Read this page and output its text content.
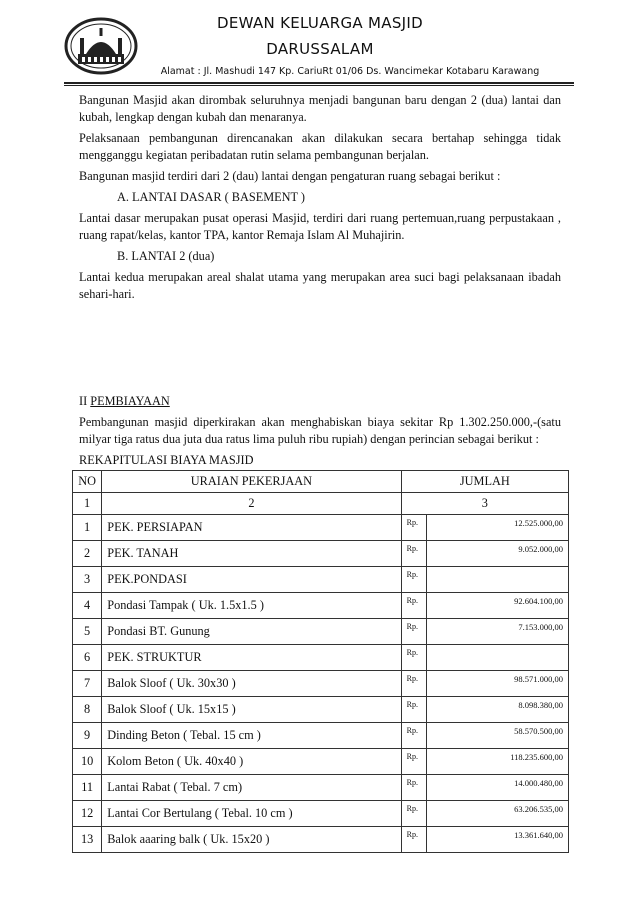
DEWAN KELUARGA MASJID
DARUSSALAM
Alamat : Jl. Mashudi 147 Kp. CariuRt 01/06 Ds. Wancimekar Kotabaru Karawang

Bangunan Masjid akan dirombak seluruhnya menjadi bangunan baru dengan 2 (dua) lantai dan kubah, lengkap dengan kubah dan menaranya.

Pelaksanaan pembangunan direncanakan akan dilakukan secara bertahap sehingga tidak mengganggu kegiatan peribadatan rutin selama pembangunan berjalan.

Bangunan masjid terdiri dari 2 (dau) lantai dengan pengaturan ruang sebagai berikut :

A. LANTAI DASAR ( BASEMENT )

Lantai dasar merupakan pusat operasi Masjid, terdiri dari ruang pertemuan,ruang perpustakaan , ruang rapat/kelas, kantor TPA, kantor Remaja Islam Al Muhajirin.

B. LANTAI 2 (dua)

Lantai kedua merupakan areal shalat utama yang merupakan area suci bagi pelaksanaan ibadah sehari-hari.

II PEMBIAYAAN

Pembangunan masjid diperkirakan akan menghabiskan biaya sekitar Rp 1.302.250.000,-(satu milyar tiga ratus dua juta dua ratus lima puluh ribu rupiah) dengan perincian sebagai berikut :

REKAPITULASI BIAYA MASJID

NO	URAIAN PEKERJAAN	JUMLAH	
1	2	3	
1	PEK. PERSIAPAN	Rp.	12.525.000,00
2	PEK. TANAH	Rp.	9.052.000,00
3	PEK.PONDASI	Rp.	
4	Pondasi Tampak ( Uk. 1.5x1.5 )	Rp.	92.604.100,00
5	Pondasi BT. Gunung	Rp.	7.153.000,00
6	PEK. STRUKTUR	Rp.	
7	Balok Sloof ( Uk. 30x30 )	Rp.	98.571.000,00
8	Balok Sloof ( Uk. 15x15 )	Rp.	8.098.380,00
9	Dinding Beton ( Tebal. 15 cm )	Rp.	58.570.500,00
10	Kolom Beton ( Uk. 40x40 )	Rp.	118.235.600,00
11	Lantai Rabat ( Tebal. 7 cm)	Rp.	14.000.480,00
12	Lantai Cor Bertulang ( Tebal. 10 cm )	Rp.	63.206.535,00
13	Balok aaaring balk ( Uk. 15x20 )	Rp.	13.361.640,00
